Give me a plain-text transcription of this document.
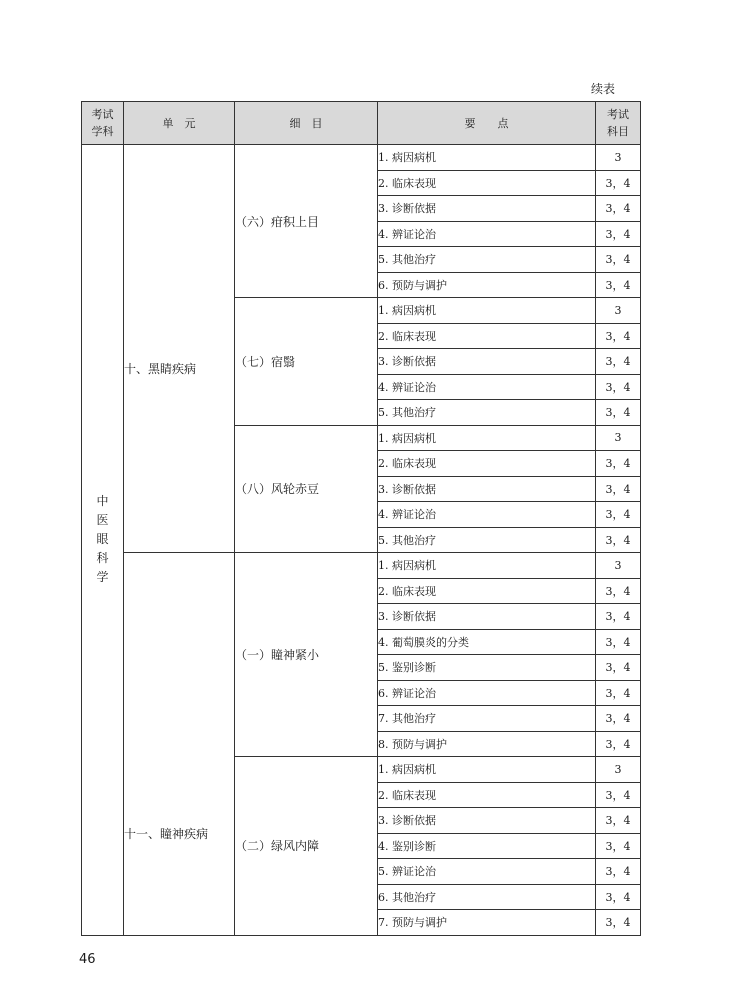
续表
考试
学科	单　元	细　目	要　　点	考试
科目

中医眼科学	十、黑睛疾病	（六）疳积上目	1. 病因病机	3
			2. 临床表现	3，4
			3. 诊断依据	3，4
			4. 辨证论治	3，4
			5. 其他治疗	3，4
			6. 预防与调护	3，4
		（七）宿翳	1. 病因病机	3
			2. 临床表现	3，4
			3. 诊断依据	3，4
			4. 辨证论治	3，4
			5. 其他治疗	3，4
		（八）风轮赤豆	1. 病因病机	3
			2. 临床表现	3，4
			3. 诊断依据	3，4
			4. 辨证论治	3，4
			5. 其他治疗	3，4
	十一、瞳神疾病	（一）瞳神紧小	1. 病因病机	3
			2. 临床表现	3，4
			3. 诊断依据	3，4
			4. 葡萄膜炎的分类	3，4
			5. 鉴别诊断	3，4
			6. 辨证论治	3，4
			7. 其他治疗	3，4
			8. 预防与调护	3，4
		（二）绿风内障	1. 病因病机	3
			2. 临床表现	3，4
			3. 诊断依据	3，4
			4. 鉴别诊断	3，4
			5. 辨证论治	3，4
			6. 其他治疗	3，4
			7. 预防与调护	3，4
46
